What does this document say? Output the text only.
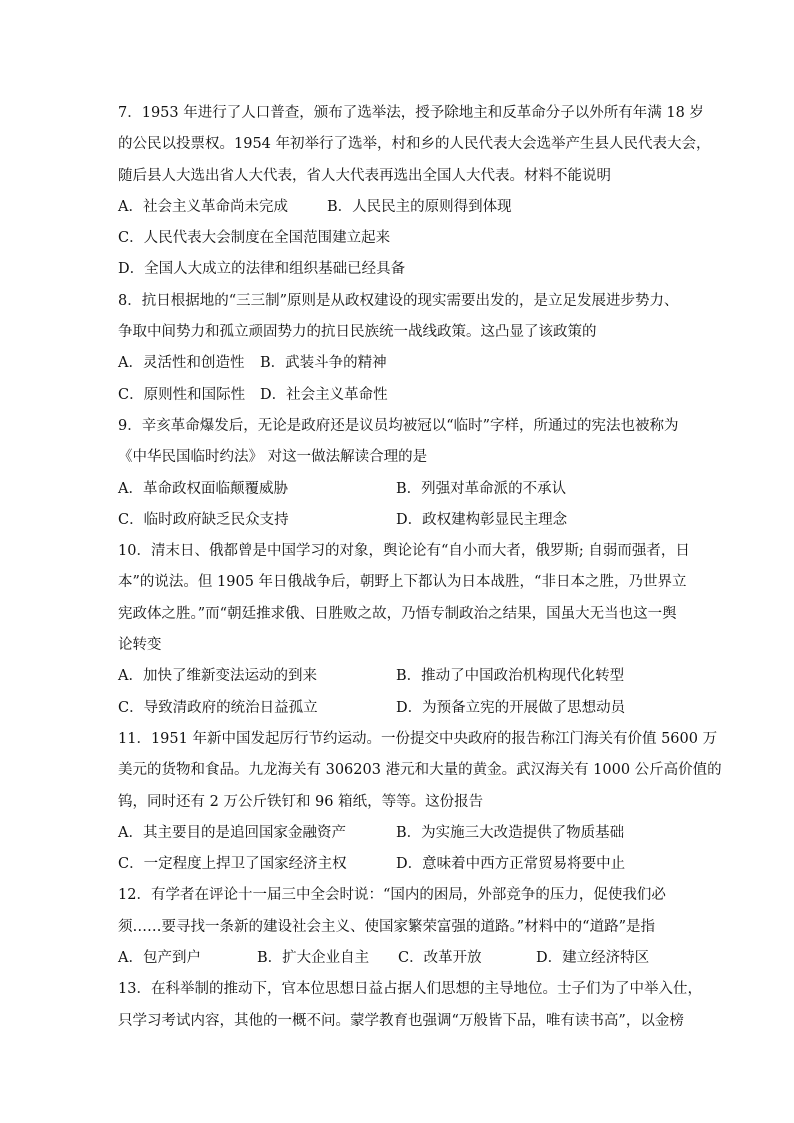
7．1953 年进行了人口普查，颁布了选举法，授予除地主和反革命分子以外所有年满 18 岁
的公民以投票权。1954 年初举行了选举，村和乡的人民代表大会选举产生县人民代表大会，
随后县人大选出省人大代表，省人大代表再选出全国人大代表。材料不能说明
A．社会主义革命尚未完成	B．人民民主的原则得到体现
C．人民代表大会制度在全国范围建立起来
D．全国人大成立的法律和组织基础已经具备
8．抗日根据地的“三三制”原则是从政权建设的现实需要出发的，是立足发展进步势力、
争取中间势力和孤立顽固势力的抗日民族统一战线政策。这凸显了该政策的
A．灵活性和创造性 B．武装斗争的精神
C．原则性和国际性 D．社会主义革命性
9．辛亥革命爆发后，无论是政府还是议员均被冠以“临时”字样，所通过的宪法也被称为
《中华民国临时约法》 对这一做法解读合理的是
A．革命政权面临颠覆威胁	B．列强对革命派的不承认
C．临时政府缺乏民众支持	D．政权建构彰显民主理念
10．清末日、俄都曾是中国学习的对象，舆论论有“自小而大者，俄罗斯; 自弱而强者，日
本”的说法。但 1905 年日俄战争后，朝野上下都认为日本战胜，“非日本之胜，乃世界立
宪政体之胜。”而“朝廷推求俄、日胜败之故，乃悟专制政治之结果，国虽大无当也这一舆
论转变
A．加快了维新变法运动的到来	B．推动了中国政治机构现代化转型
C．导致清政府的统治日益孤立	D．为预备立宪的开展做了思想动员
11．1951 年新中国发起厉行节约运动。一份提交中央政府的报告称江门海关有价值 5600 万
美元的货物和食品。九龙海关有 306203 港元和大量的黄金。武汉海关有 1000 公斤高价值的
钨，同时还有 2 万公斤铁钉和 96 箱纸，等等。这份报告
A．其主要目的是追回国家金融资产	B．为实施三大改造提供了物质基础
C．一定程度上捍卫了国家经济主权	D．意味着中西方正常贸易将要中止
12．有学者在评论十一届三中全会时说：“国内的困局，外部竞争的压力，促使我们必
须……要寻找一条新的建设社会主义、使国家繁荣富强的道路。”材料中的“道路”是指
A．包产到户	B．扩大企业自主 C．改革开放	D．建立经济特区
13．在科举制的推动下，官本位思想日益占据人们思想的主导地位。士子们为了中举入仕，
只学习考试内容，其他的一概不问。蒙学教育也强调“万般皆下品，唯有读书高”，以金榜
